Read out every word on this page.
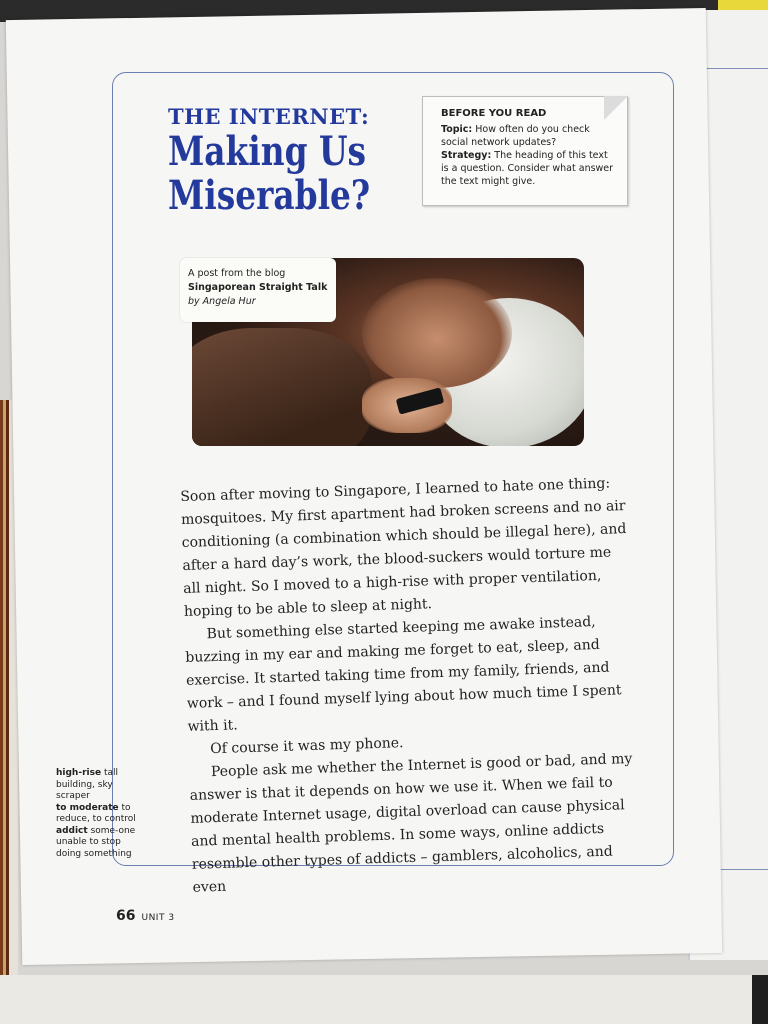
THE INTERNET:
Making Us
Miserable?
BEFORE YOU READ
Topic: How often do you check social network updates?
Strategy: The heading of this text is a question. Consider what answer the text might give.
A post from the blog
Singaporean Straight Talk
by Angela Hur

Soon after moving to Singapore, I learned to hate one thing: mosquitoes. My first apartment had broken screens and no air conditioning (a combination which should be illegal here), and after a hard day’s work, the blood-suckers would torture me all night. So I moved to a high-rise with proper ventilation, hoping to be able to sleep at night.

But something else started keeping me awake instead, buzzing in my ear and making me forget to eat, sleep, and exercise. It started taking time from my family, friends, and work – and I found myself lying about how much time I spent with it.

Of course it was my phone.

People ask me whether the Internet is good or bad, and my answer is that it depends on how we use it. When we fail to moderate Internet usage, digital overload can cause physical and mental health problems. In some ways, online addicts resemble other types of addicts – gamblers, alcoholics, and even

high-rise tall building, sky scraper
to moderate to reduce, to control
addict some-one unable to stop doing something
66 UNIT 3
